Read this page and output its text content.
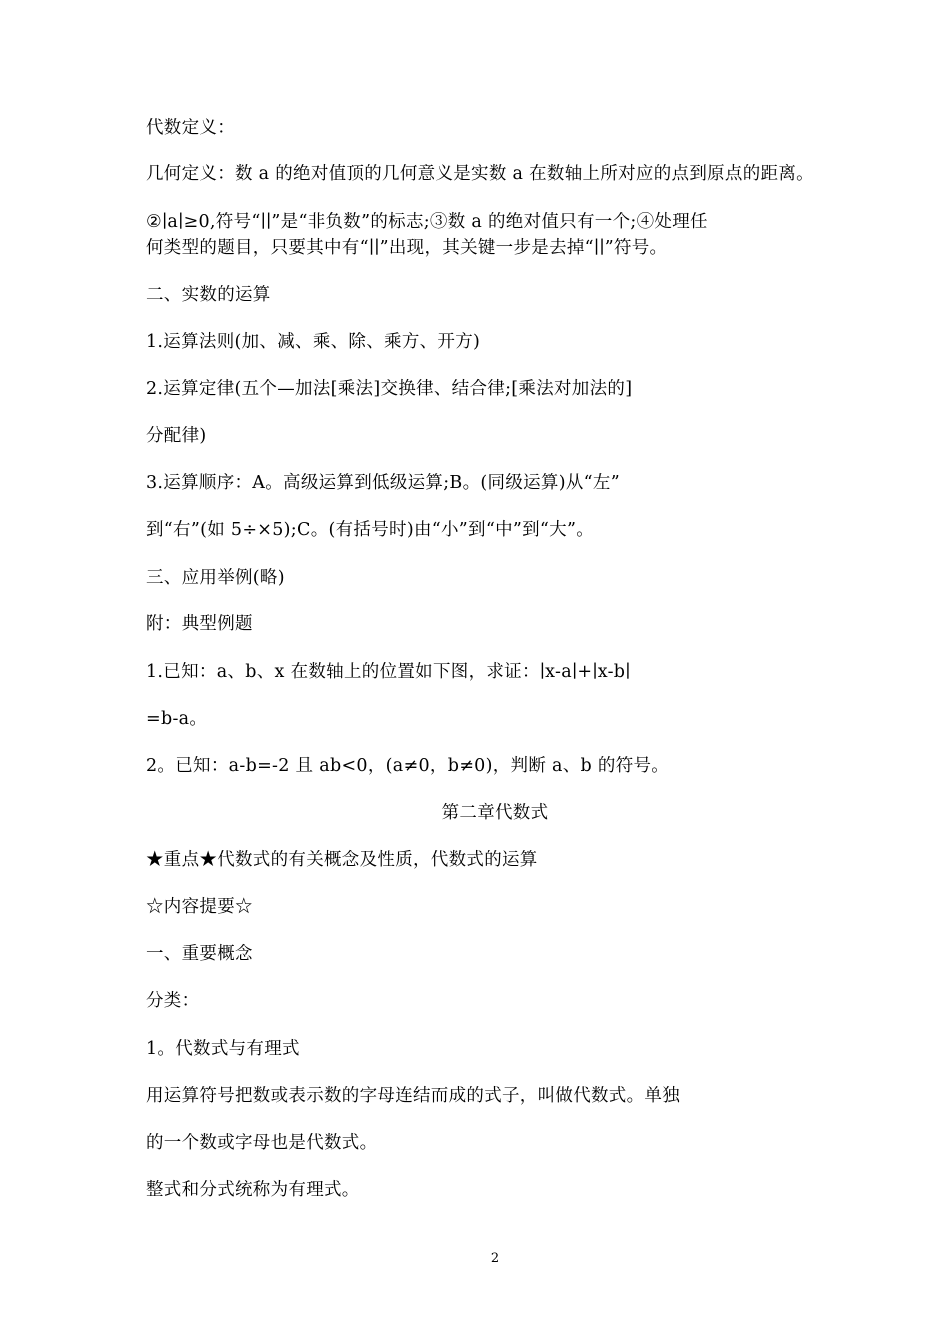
代数定义：
几何定义：数 a 的绝对值顶的几何意义是实数 a 在数轴上所对应的点到原点的距离。
②∣a∣≥0,符号“∣∣”是“非负数”的标志;③数 a 的绝对值只有一个;④处理任
何类型的题目，只要其中有“∣∣”出现，其关键一步是去掉“∣∣”符号。
二、实数的运算
1.运算法则(加、减、乘、除、乘方、开方)
2.运算定律(五个—加法[乘法]交换律、结合律;[乘法对加法的]
分配律)
3.运算顺序：A。高级运算到低级运算;B。(同级运算)从“左”
到“右”(如 5÷×5);C。(有括号时)由“小”到“中”到“大”。
三、应用举例(略)
附：典型例题
1.已知：a、b、x 在数轴上的位置如下图，求证：∣x-a∣+∣x-b∣
=b-a。
2。已知：a-b=-2 且 ab<0，(a≠0，b≠0)，判断 a、b 的符号。
第二章代数式
★重点★代数式的有关概念及性质，代数式的运算
☆内容提要☆
一、重要概念
分类：
1。代数式与有理式
用运算符号把数或表示数的字母连结而成的式子，叫做代数式。单独
的一个数或字母也是代数式。
整式和分式统称为有理式。
2
